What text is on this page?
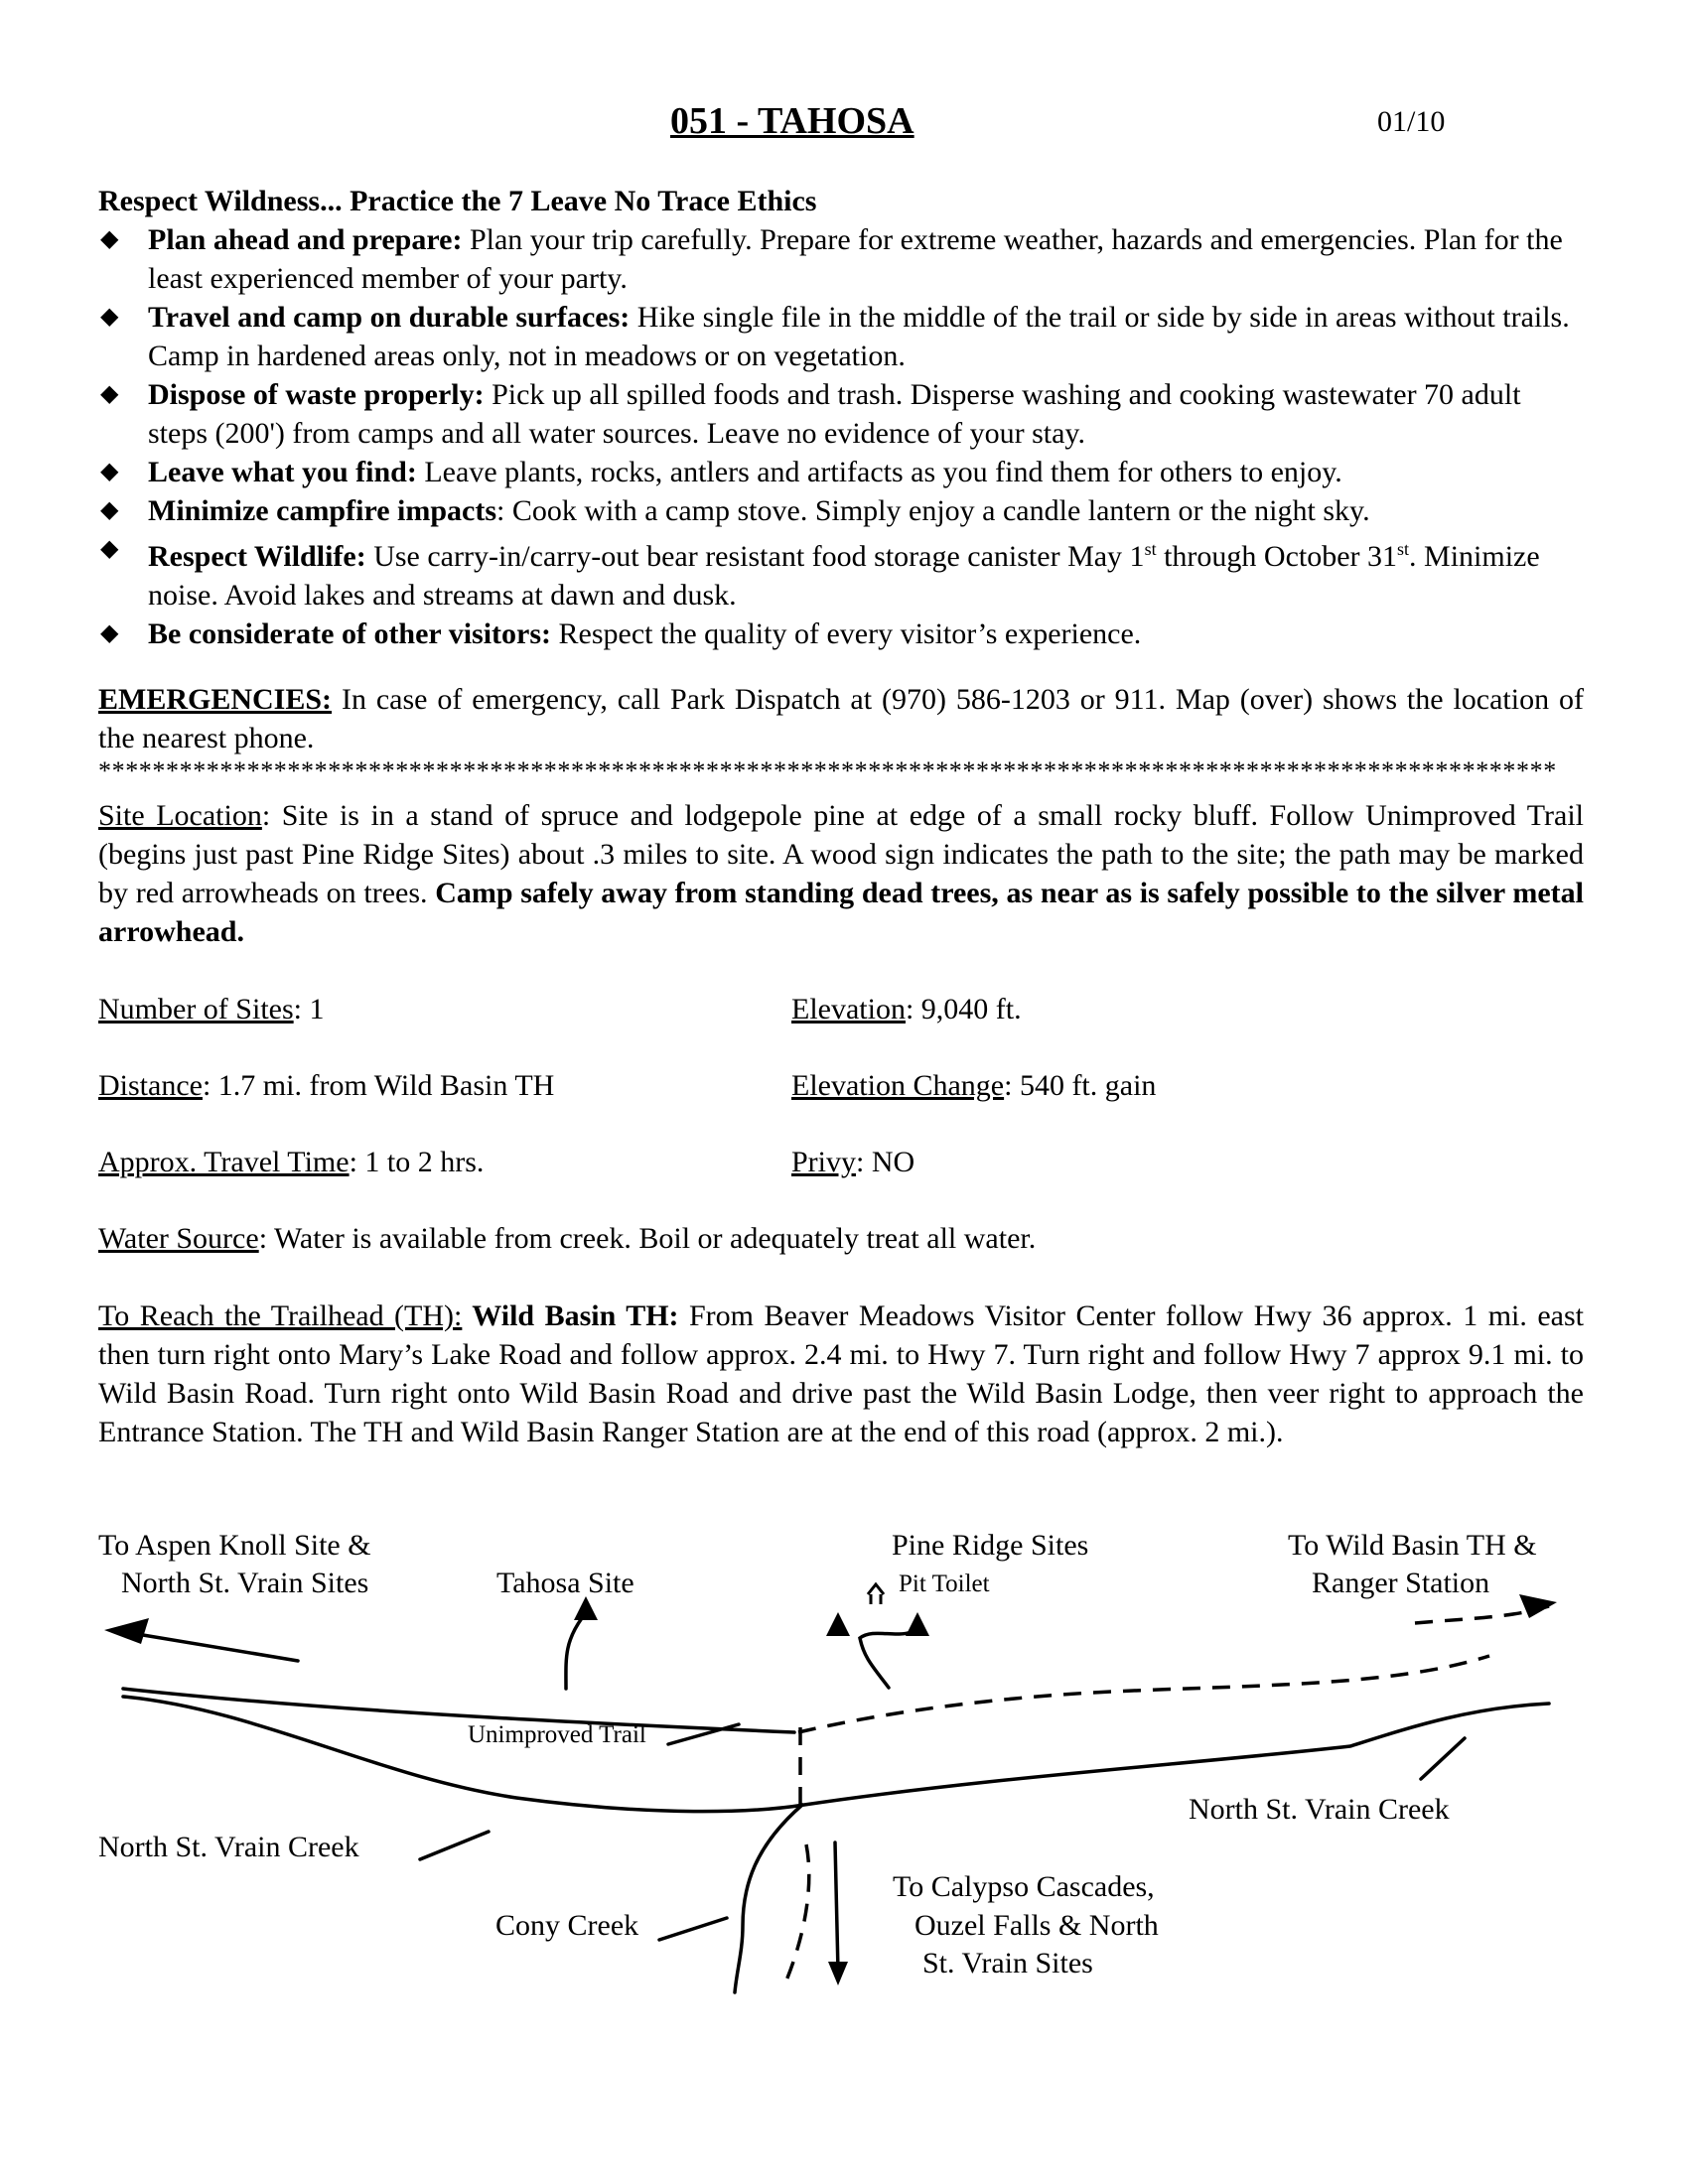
051 - TAHOSA	01/10
Respect Wildness... Practice the 7 Leave No Trace Ethics
◆ Plan ahead and prepare: Plan your trip carefully. Prepare for extreme weather, hazards and emergencies. Plan for the least experienced member of your party.
◆ Travel and camp on durable surfaces: Hike single file in the middle of the trail or side by side in areas without trails. Camp in hardened areas only, not in meadows or on vegetation.
◆ Dispose of waste properly: Pick up all spilled foods and trash. Disperse washing and cooking wastewater 70 adult steps (200') from camps and all water sources. Leave no evidence of your stay.
◆ Leave what you find: Leave plants, rocks, antlers and artifacts as you find them for others to enjoy.
◆ Minimize campfire impacts: Cook with a camp stove. Simply enjoy a candle lantern or the night sky.
◆ Respect Wildlife: Use carry-in/carry-out bear resistant food storage canister May 1st through October 31st. Minimize noise. Avoid lakes and streams at dawn and dusk.
◆ Be considerate of other visitors: Respect the quality of every visitor’s experience.
EMERGENCIES: In case of emergency, call Park Dispatch at (970) 586-1203 or 911. Map (over) shows the location of the nearest phone.
************************************************************************************************************
Site Location: Site is in a stand of spruce and lodgepole pine at edge of a small rocky bluff. Follow Unimproved Trail (begins just past Pine Ridge Sites) about .3 miles to site. A wood sign indicates the path to the site; the path may be marked by red arrowheads on trees. Camp safely away from standing dead trees, as near as is safely possible to the silver metal arrowhead.
Number of Sites: 1	Elevation: 9,040 ft.
Distance: 1.7 mi. from Wild Basin TH	Elevation Change: 540 ft. gain
Approx. Travel Time: 1 to 2 hrs.	Privy: NO
Water Source: Water is available from creek. Boil or adequately treat all water.
To Reach the Trailhead (TH): Wild Basin TH: From Beaver Meadows Visitor Center follow Hwy 36 approx. 1 mi. east then turn right onto Mary’s Lake Road and follow approx. 2.4 mi. to Hwy 7. Turn right and follow Hwy 7 approx 9.1 mi. to Wild Basin Road. Turn right onto Wild Basin Road and drive past the Wild Basin Lodge, then veer right to approach the Entrance Station. The TH and Wild Basin Ranger Station are at the end of this road (approx. 2 mi.).
To Aspen Knoll Site &
North St. Vrain Sites	Tahosa Site
Pine Ridge Sites
Pit Toilet
To Wild Basin TH &
Ranger Station
Unimproved Trail
North St. Vrain Creek
North St. Vrain Creek
Cony Creek
To Calypso Cascades,
Ouzel Falls & North
St. Vrain Sites
